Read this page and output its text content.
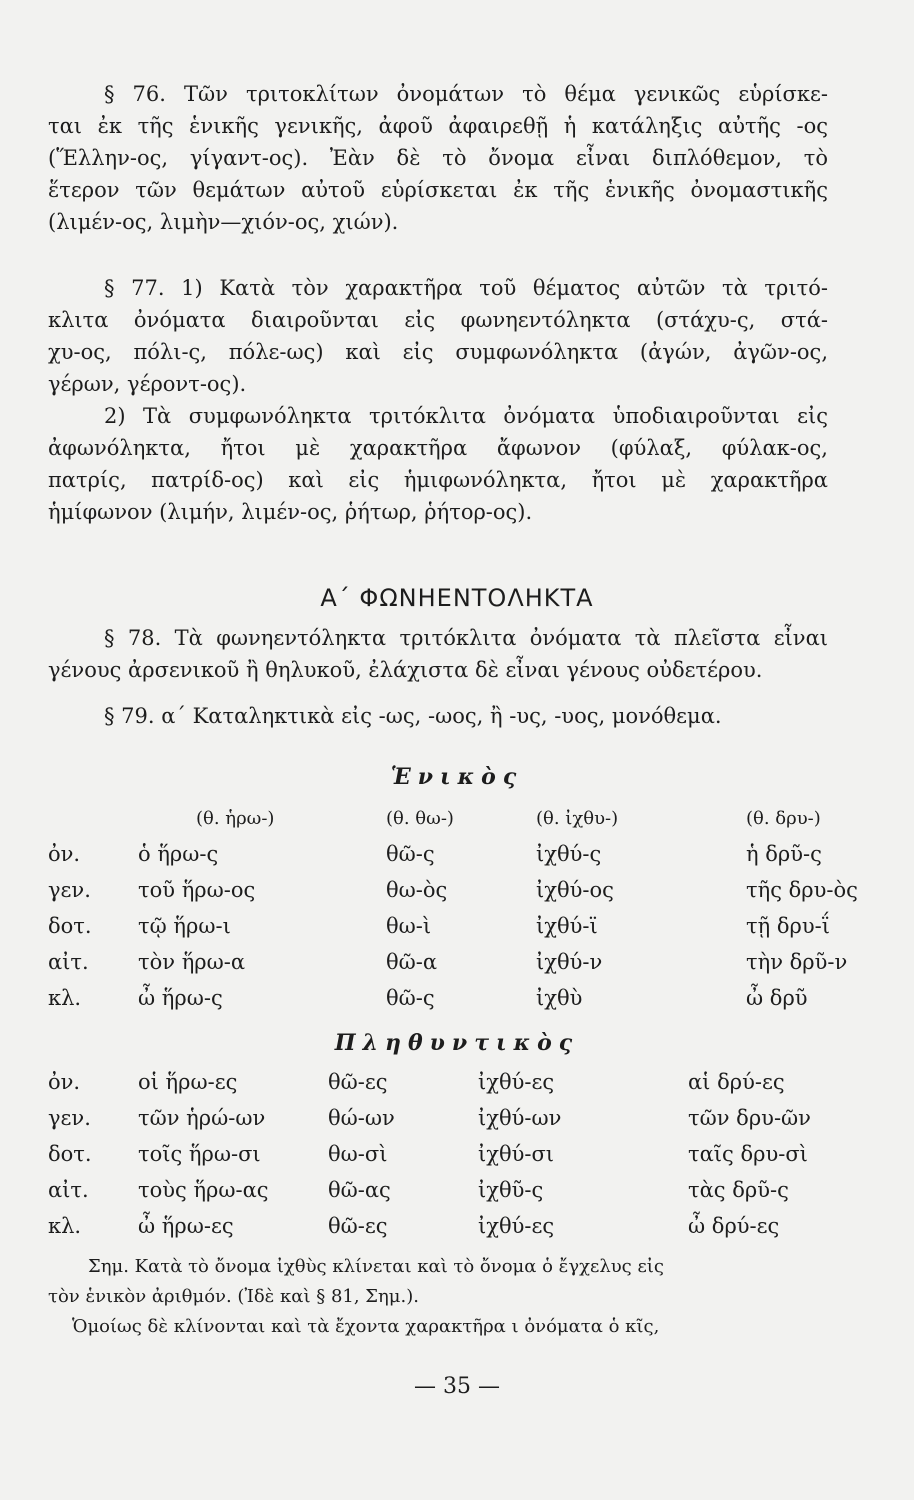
§ 76. Τῶν τριτοκλίτων ὀνομάτων τὸ θέμα γενικῶς εὑρίσκε-
ται ἐκ τῆς ἑνικῆς γενικῆς, ἀφοῦ ἀφαιρεθῇ ἡ κατάληξις αὐτῆς -ος
(Ἕλλην-ος, γίγαντ-ος). Ἐὰν δὲ τὸ ὄνομα εἶναι διπλόθεμον, τὸ
ἕτερον τῶν θεμάτων αὐτοῦ εὑρίσκεται ἐκ τῆς ἑνικῆς ὀνομαστικῆς
(λιμέν-ος, λιμὴν—χιόν-ος, χιών).
§ 77. 1) Κατὰ τὸν χαρακτῆρα τοῦ θέματος αὐτῶν τὰ τριτό-
κλιτα ὀνόματα διαιροῦνται εἰς φωνηεντόληκτα (στάχυ-ς, στά-
χυ-ος, πόλι-ς, πόλε-ως) καὶ εἰς συμφωνόληκτα (ἀγών, ἀγῶν-ος,
γέρων, γέροντ-ος).
2) Τὰ συμφωνόληκτα τριτόκλιτα ὀνόματα ὑποδιαιροῦνται εἰς
ἀφωνόληκτα, ἤτοι μὲ χαρακτῆρα ἄφωνον (φύλαξ, φύλακ-ος,
πατρίς, πατρίδ-ος) καὶ εἰς ἡμιφωνόληκτα, ἤτοι μὲ χαρακτῆρα
ἡμίφωνον (λιμήν, λιμέν-ος, ῥήτωρ, ῥήτορ-ος).
Α΄ ΦΩΝΗΕΝΤΟΛΗΚΤΑ
§ 78. Τὰ φωνηεντόληκτα τριτόκλιτα ὀνόματα τὰ πλεῖστα εἶναι
γένους ἀρσενικοῦ ἢ θηλυκοῦ, ἐλάχιστα δὲ εἶναι γένους οὐδετέρου.
§ 79. α΄ Καταληκτικὰ εἰς -ως, -ωος, ἢ -υς, -υος, μονόθεμα.
Ἑνικὸς
	(θ. ἡρω-)	(θ. θω-)	(θ. ἰχθυ-)	(θ. δρυ-)
ὀν.	ὁ ἥρω-ς	θῶ-ς	ἰχθύ-ς	ἡ δρῦ-ς
γεν.	τοῦ ἥρω-ος	θω-ὸς	ἰχθύ-ος	τῆς δρυ-ὸς
δοτ.	τῷ ἥρω-ι	θω-ὶ	ἰχθύ-ϊ	τῇ δρυ-ΐ
αἰτ.	τὸν ἥρω-α	θῶ-α	ἰχθύ-ν	τὴν δρῦ-ν
κλ.	ὦ ἥρω-ς	θῶ-ς	ἰχθὺ	ὦ δρῦ
Πληθυντικὸς
ὀν.	οἱ ἥρω-ες	θῶ-ες	ἰχθύ-ες	αἱ δρύ-ες
γεν.	τῶν ἡρώ-ων	θώ-ων	ἰχθύ-ων	τῶν δρυ-ῶν
δοτ.	τοῖς ἥρω-σι	θω-σὶ	ἰχθύ-σι	ταῖς δρυ-σὶ
αἰτ.	τοὺς ἥρω-ας	θῶ-ας	ἰχθῦ-ς	τὰς δρῦ-ς
κλ.	ὦ ἥρω-ες	θῶ-ες	ἰχθύ-ες	ὦ δρύ-ες
Σημ. Κατὰ τὸ ὄνομα ἰχθὺς κλίνεται καὶ τὸ ὄνομα ὁ ἔγχελυς εἰς
τὸν ἑνικὸν ἀριθμόν. (Ἰδὲ καὶ § 81, Σημ.).
Ὁμοίως δὲ κλίνονται καὶ τὰ ἔχοντα χαρακτῆρα ι ὀνόματα ὁ κῖς,
— 35 —
